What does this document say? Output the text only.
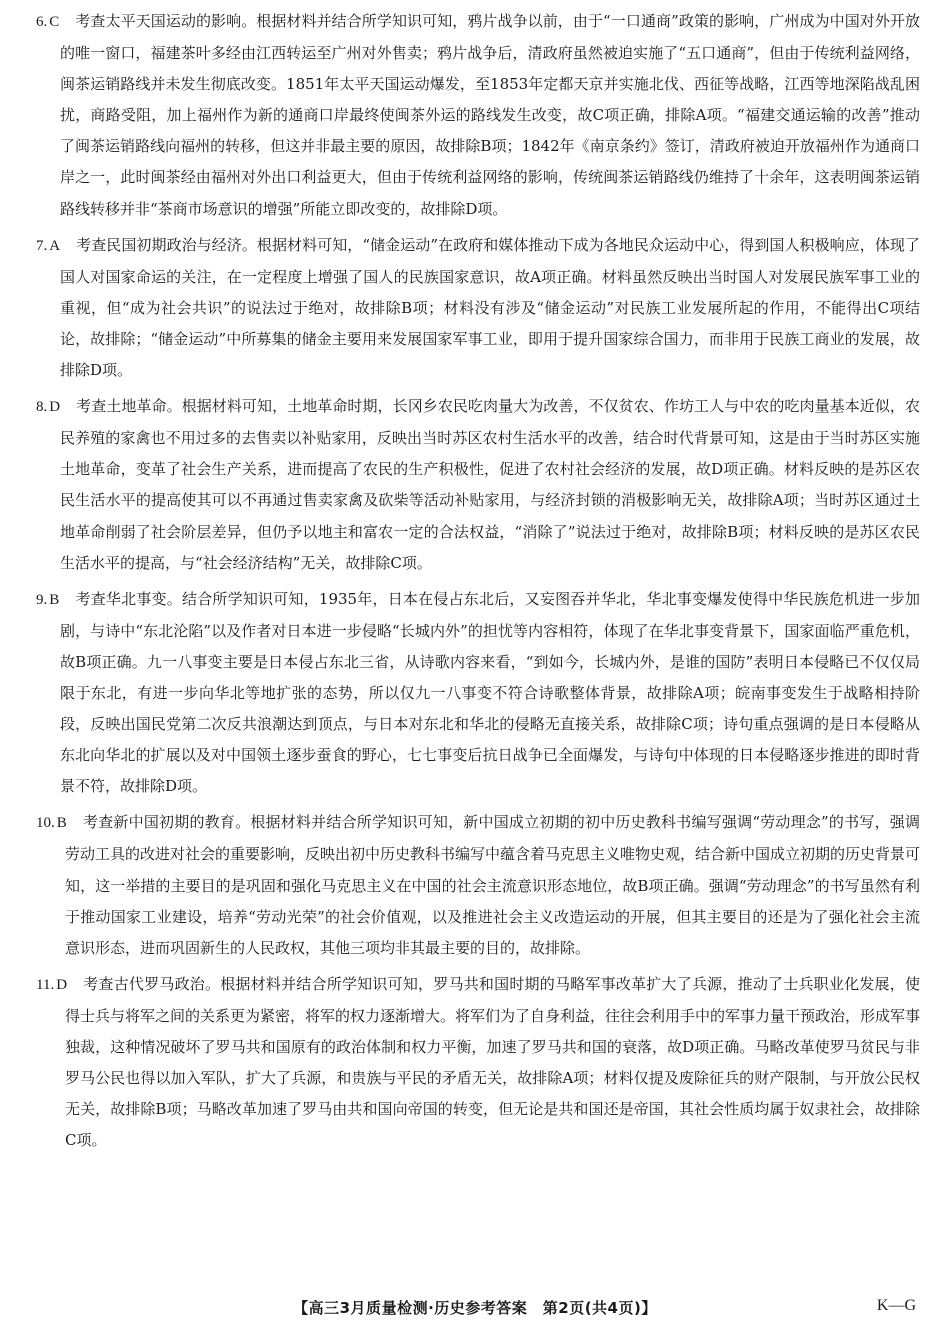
6. C 考查太平天国运动的影响。根据材料并结合所学知识可知，鸦片战争以前，由于“一口通商”政策的影响，广州成为中国对外开放的唯一窗口，福建茶叶多经由江西转运至广州对外售卖；鸦片战争后，清政府虽然被迫实施了“五口通商”，但由于传统利益网络，闽茶运销路线并未发生彻底改变。1851年太平天国运动爆发，至1853年定都天京并实施北伐、西征等战略，江西等地深陷战乱困扰，商路受阻，加上福州作为新的通商口岸最终使闽茶外运的路线发生改变，故C项正确，排除A项。“福建交通运输的改善”推动了闽茶运销路线向福州的转移，但这并非最主要的原因，故排除B项；1842年《南京条约》签订，清政府被迫开放福州作为通商口岸之一，此时闽茶经由福州对外出口利益更大，但由于传统利益网络的影响，传统闽茶运销路线仍维持了十余年，这表明闽茶运销路线转移并非“茶商市场意识的增强”所能立即改变的，故排除D项。

7. A 考查民国初期政治与经济。根据材料可知，“储金运动”在政府和媒体推动下成为各地民众运动中心，得到国人积极响应，体现了国人对国家命运的关注，在一定程度上增强了国人的民族国家意识，故A项正确。材料虽然反映出当时国人对发展民族军事工业的重视，但“成为社会共识”的说法过于绝对，故排除B项；材料没有涉及“储金运动”对民族工业发展所起的作用，不能得出C项结论，故排除；“储金运动”中所募集的储金主要用来发展国家军事工业，即用于提升国家综合国力，而非用于民族工商业的发展，故排除D项。

8. D 考查土地革命。根据材料可知，土地革命时期，长冈乡农民吃肉量大为改善，不仅贫农、作坊工人与中农的吃肉量基本近似，农民养殖的家禽也不用过多的去售卖以补贴家用，反映出当时苏区农村生活水平的改善，结合时代背景可知，这是由于当时苏区实施土地革命，变革了社会生产关系，进而提高了农民的生产积极性，促进了农村社会经济的发展，故D项正确。材料反映的是苏区农民生活水平的提高使其可以不再通过售卖家禽及砍柴等活动补贴家用，与经济封锁的消极影响无关，故排除A项；当时苏区通过土地革命削弱了社会阶层差异，但仍予以地主和富农一定的合法权益，“消除了”说法过于绝对，故排除B项；材料反映的是苏区农民生活水平的提高，与“社会经济结构”无关，故排除C项。

9. B 考查华北事变。结合所学知识可知，1935年，日本在侵占东北后，又妄图吞并华北，华北事变爆发使得中华民族危机进一步加剧，与诗中“东北沦陷”以及作者对日本进一步侵略“长城内外”的担忧等内容相符，体现了在华北事变背景下，国家面临严重危机，故B项正确。九一八事变主要是日本侵占东北三省，从诗歌内容来看，“到如今，长城内外，是谁的国防”表明日本侵略已不仅仅局限于东北，有进一步向华北等地扩张的态势，所以仅九一八事变不符合诗歌整体背景，故排除A项；皖南事变发生于战略相持阶段，反映出国民党第二次反共浪潮达到顶点，与日本对东北和华北的侵略无直接关系，故排除C项；诗句重点强调的是日本侵略从东北向华北的扩展以及对中国领土逐步蚕食的野心，七七事变后抗日战争已全面爆发，与诗句中体现的日本侵略逐步推进的即时背景不符，故排除D项。

10. B 考查新中国初期的教育。根据材料并结合所学知识可知，新中国成立初期的初中历史教科书编写强调“劳动理念”的书写，强调劳动工具的改进对社会的重要影响，反映出初中历史教科书编写中蕴含着马克思主义唯物史观，结合新中国成立初期的历史背景可知，这一举措的主要目的是巩固和强化马克思主义在中国的社会主流意识形态地位，故B项正确。强调“劳动理念”的书写虽然有利于推动国家工业建设，培养“劳动光荣”的社会价值观，以及推进社会主义改造运动的开展，但其主要目的还是为了强化社会主流意识形态，进而巩固新生的人民政权，其他三项均非其最主要的目的，故排除。

11. D 考查古代罗马政治。根据材料并结合所学知识可知，罗马共和国时期的马略军事改革扩大了兵源，推动了士兵职业化发展，使得士兵与将军之间的关系更为紧密，将军的权力逐渐增大。将军们为了自身利益，往往会利用手中的军事力量干预政治，形成军事独裁，这种情况破坏了罗马共和国原有的政治体制和权力平衡，加速了罗马共和国的衰落，故D项正确。马略改革使罗马贫民与非罗马公民也得以加入军队，扩大了兵源，和贵族与平民的矛盾无关，故排除A项；材料仅提及废除征兵的财产限制，与开放公民权无关，故排除B项；马略改革加速了罗马由共和国向帝国的转变，但无论是共和国还是帝国，其社会性质均属于奴隶社会，故排除C项。

【高三3月质量检测·历史参考答案　第2页(共4页)】	K—G
